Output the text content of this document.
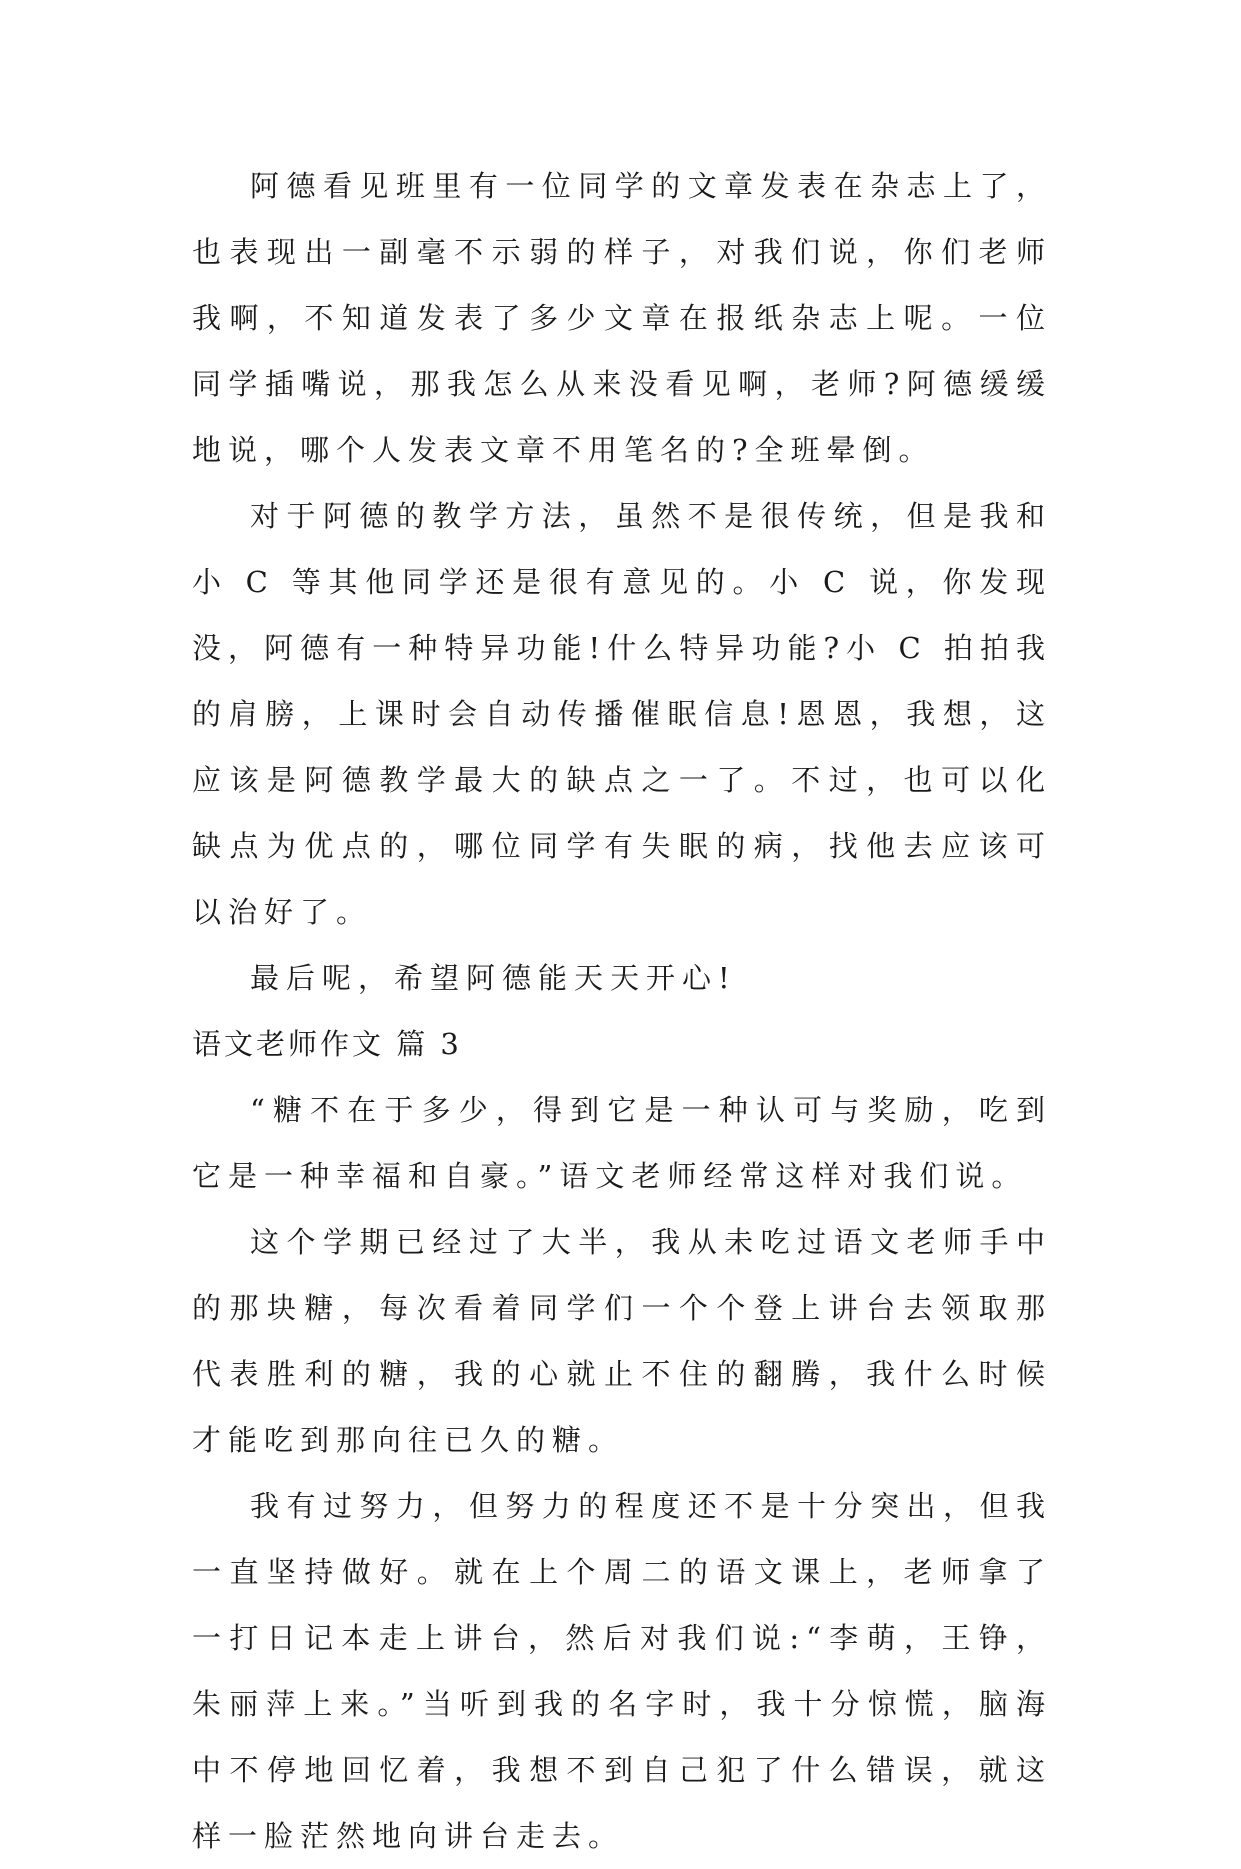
阿德看见班里有一位同学的文章发表在杂志上了，也表现出一副毫不示弱的样子，对我们说，你们老师我啊，不知道发表了多少文章在报纸杂志上呢。一位同学插嘴说，那我怎么从来没看见啊，老师?阿德缓缓地说，哪个人发表文章不用笔名的?全班晕倒。

对于阿德的教学方法，虽然不是很传统，但是我和小 C 等其他同学还是很有意见的。小 C 说，你发现没，阿德有一种特异功能!什么特异功能?小 C 拍拍我的肩膀，上课时会自动传播催眠信息!恩恩，我想，这应该是阿德教学最大的缺点之一了。不过，也可以化缺点为优点的，哪位同学有失眠的病，找他去应该可以治好了。

最后呢，希望阿德能天天开心!

语文老师作文 篇 3

“糖不在于多少，得到它是一种认可与奖励，吃到它是一种幸福和自豪。”语文老师经常这样对我们说。

这个学期已经过了大半，我从未吃过语文老师手中的那块糖，每次看着同学们一个个登上讲台去领取那代表胜利的糖，我的心就止不住的翻腾，我什么时候才能吃到那向往已久的糖。

我有过努力，但努力的程度还不是十分突出，但我一直坚持做好。就在上个周二的语文课上，老师拿了一打日记本走上讲台，然后对我们说:“李萌，王铮，朱丽萍上来。”当听到我的名字时，我十分惊慌，脑海中不停地回忆着，我想不到自己犯了什么错误，就这样一脸茫然地向讲台走去。
